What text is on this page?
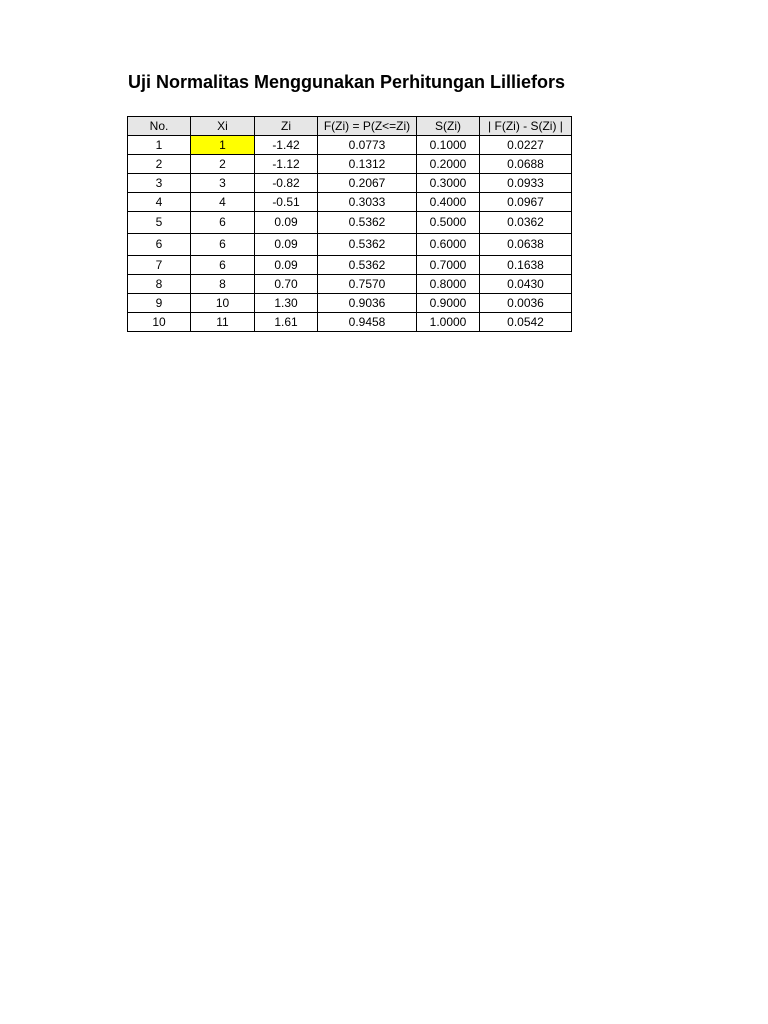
Uji Normalitas Menggunakan Perhitungan Lilliefors
No.	Xi	Zi	F(Zi) = P(Z<=Zi)	S(Zi)	| F(Zi) - S(Zi) |
1	1	-1.42	0.0773	0.1000	0.0227
2	2	-1.12	0.1312	0.2000	0.0688
3	3	-0.82	0.2067	0.3000	0.0933
4	4	-0.51	0.3033	0.4000	0.0967
5	6	0.09	0.5362	0.5000	0.0362
6	6	0.09	0.5362	0.6000	0.0638
7	6	0.09	0.5362	0.7000	0.1638
8	8	0.70	0.7570	0.8000	0.0430
9	10	1.30	0.9036	0.9000	0.0036
10	11	1.61	0.9458	1.0000	0.0542
